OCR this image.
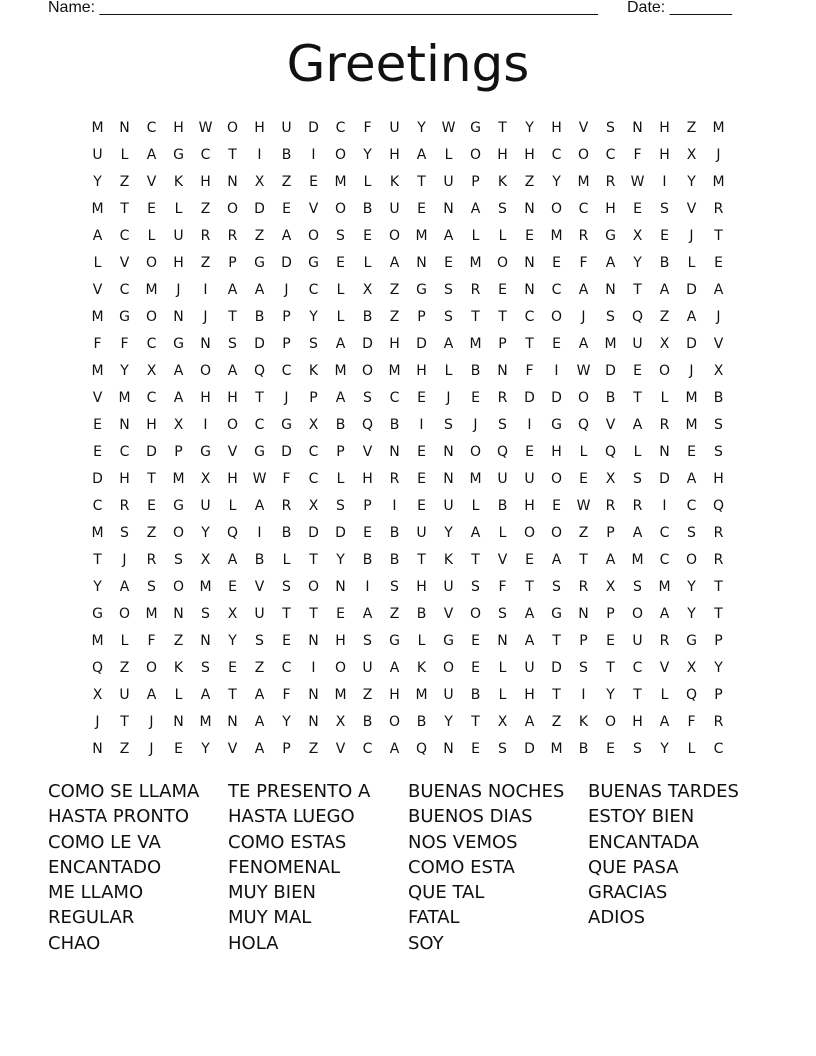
Name: ________________________________________________________ Date: _______
Greetings
M	N	C	H	W	O	H	U	D	C	F	U	Y	W	G	T	Y	H	V	S	N	H	Z	M
U	L	A	G	C	T	I	B	I	O	Y	H	A	L	O	H	H	C	O	C	F	H	X	J
Y	Z	V	K	H	N	X	Z	E	M	L	K	T	U	P	K	Z	Y	M	R	W	I	Y	M
M	T	E	L	Z	O	D	E	V	O	B	U	E	N	A	S	N	O	C	H	E	S	V	R
A	C	L	U	R	R	Z	A	O	S	E	O	M	A	L	L	E	M	R	G	X	E	J	T
L	V	O	H	Z	P	G	D	G	E	L	A	N	E	M	O	N	E	F	A	Y	B	L	E
V	C	M	J	I	A	A	J	C	L	X	Z	G	S	R	E	N	C	A	N	T	A	D	A
M	G	O	N	J	T	B	P	Y	L	B	Z	P	S	T	T	C	O	J	S	Q	Z	A	J
F	F	C	G	N	S	D	P	S	A	D	H	D	A	M	P	T	E	A	M	U	X	D	V
M	Y	X	A	O	A	Q	C	K	M	O	M	H	L	B	N	F	I	W	D	E	O	J	X
V	M	C	A	H	H	T	J	P	A	S	C	E	J	E	R	D	D	O	B	T	L	M	B
E	N	H	X	I	O	C	G	X	B	Q	B	I	S	J	S	I	G	Q	V	A	R	M	S
E	C	D	P	G	V	G	D	C	P	V	N	E	N	O	Q	E	H	L	Q	L	N	E	S
D	H	T	M	X	H	W	F	C	L	H	R	E	N	M	U	U	O	E	X	S	D	A	H
C	R	E	G	U	L	A	R	X	S	P	I	E	U	L	B	H	E	W	R	R	I	C	Q
M	S	Z	O	Y	Q	I	B	D	D	E	B	U	Y	A	L	O	O	Z	P	A	C	S	R
T	J	R	S	X	A	B	L	T	Y	B	B	T	K	T	V	E	A	T	A	M	C	O	R
Y	A	S	O	M	E	V	S	O	N	I	S	H	U	S	F	T	S	R	X	S	M	Y	T
G	O	M	N	S	X	U	T	T	E	A	Z	B	V	O	S	A	G	N	P	O	A	Y	T
M	L	F	Z	N	Y	S	E	N	H	S	G	L	G	E	N	A	T	P	E	U	R	G	P
Q	Z	O	K	S	E	Z	C	I	O	U	A	K	O	E	L	U	D	S	T	C	V	X	Y
X	U	A	L	A	T	A	F	N	M	Z	H	M	U	B	L	H	T	I	Y	T	L	Q	P
J	T	J	N	M	N	A	Y	N	X	B	O	B	Y	T	X	A	Z	K	O	H	A	F	R
N	Z	J	E	Y	V	A	P	Z	V	C	A	Q	N	E	S	D	M	B	E	S	Y	L	C
COMO SE LLAMA
HASTA PRONTO
COMO LE VA
ENCANTADO
ME LLAMO
REGULAR
CHAO
TE PRESENTO A
HASTA LUEGO
COMO ESTAS
FENOMENAL
MUY BIEN
MUY MAL
HOLA
BUENAS NOCHES
BUENOS DIAS
NOS VEMOS
COMO ESTA
QUE TAL
FATAL
SOY
BUENAS TARDES
ESTOY BIEN
ENCANTADA
QUE PASA
GRACIAS
ADIOS
